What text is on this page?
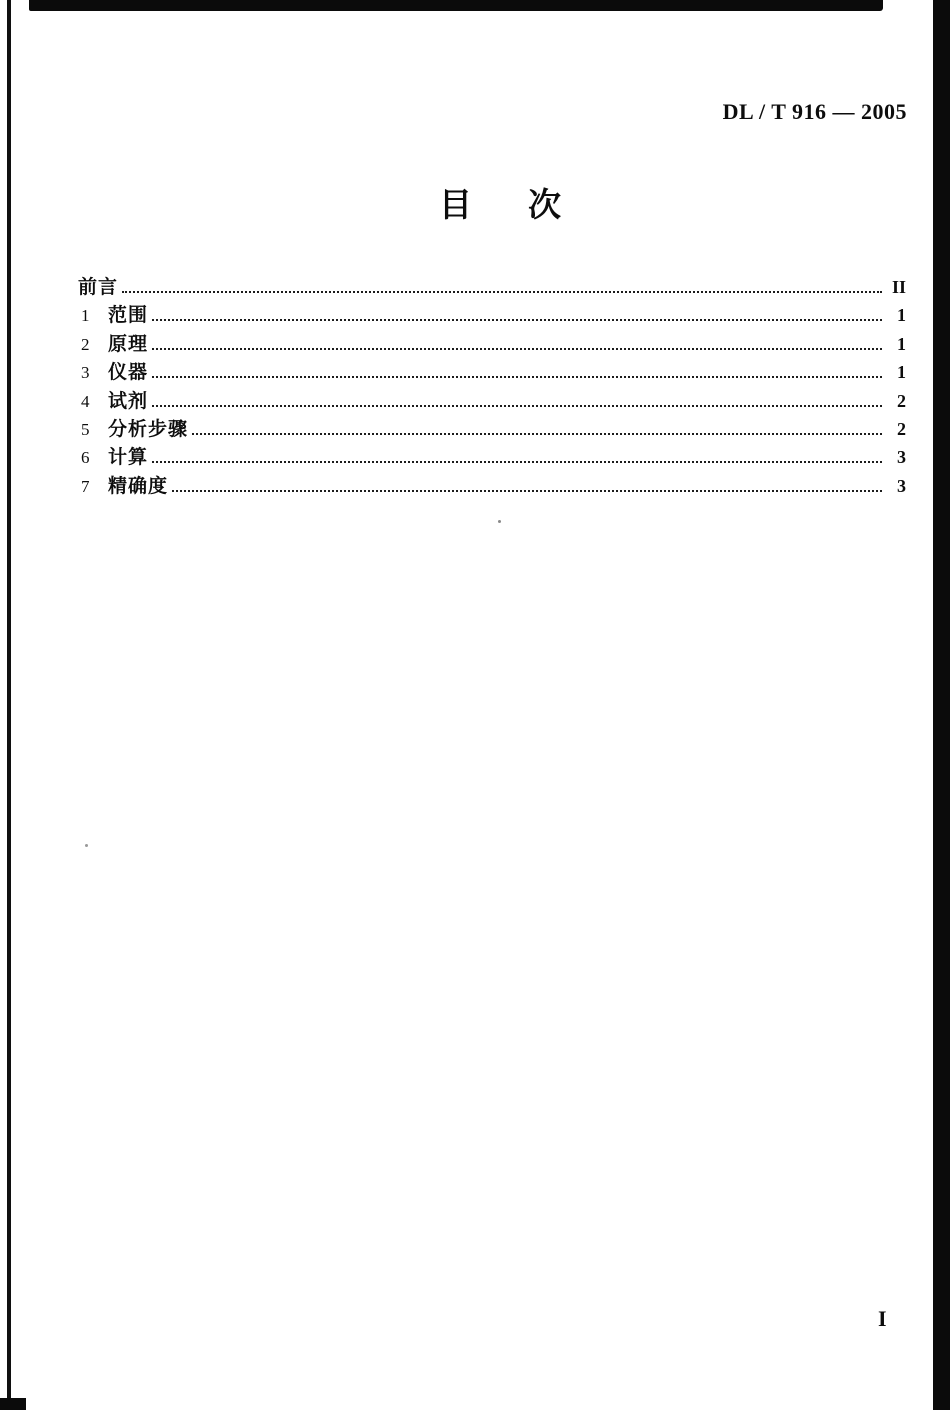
DL / T 916 — 2005
目 次
前言	II
1 范围	1
2 原理	1
3 仪器	1
4 试剂	2
5 分析步骤	2
6 计算	3
7 精确度	3
I
